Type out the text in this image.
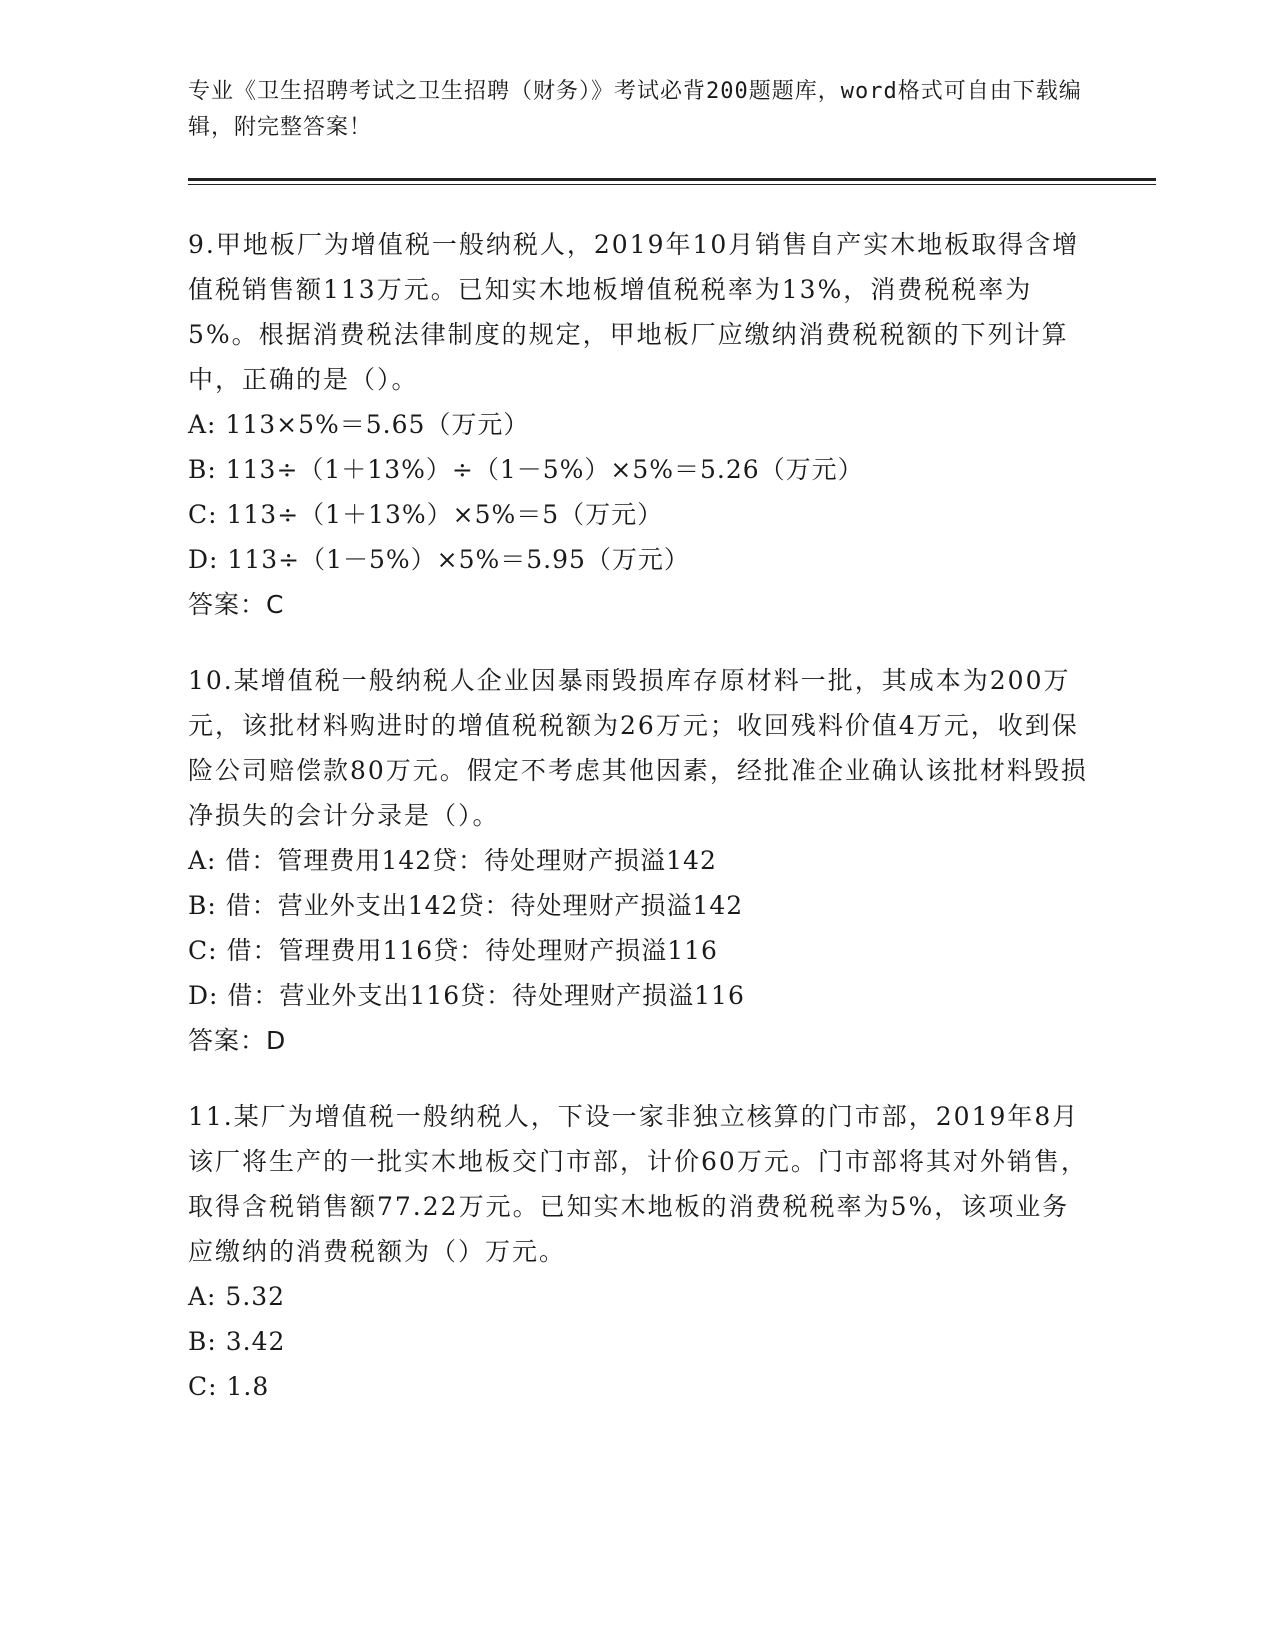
专业《卫生招聘考试之卫生招聘（财务）》考试必背200题题库，word格式可自由下载编辑，附完整答案！
9.甲地板厂为增值税一般纳税人，2019年10月销售自产实木地板取得含增值税销售额113万元。已知实木地板增值税税率为13%，消费税税率为5%。根据消费税法律制度的规定，甲地板厂应缴纳消费税税额的下列计算中，正确的是（）。
A: 113×5%＝5.65（万元）
B: 113÷（1＋13%）÷（1－5%）×5%＝5.26（万元）
C: 113÷（1＋13%）×5%＝5（万元）
D: 113÷（1－5%）×5%＝5.95（万元）
答案：C
10.某增值税一般纳税人企业因暴雨毁损库存原材料一批，其成本为200万元，该批材料购进时的增值税税额为26万元；收回残料价值4万元，收到保险公司赔偿款80万元。假定不考虑其他因素，经批准企业确认该批材料毁损净损失的会计分录是（）。
A: 借：管理费用142贷：待处理财产损溢142
B: 借：营业外支出142贷：待处理财产损溢142
C: 借：管理费用116贷：待处理财产损溢116
D: 借：营业外支出116贷：待处理财产损溢116
答案：D
11.某厂为增值税一般纳税人，下设一家非独立核算的门市部，2019年8月该厂将生产的一批实木地板交门市部，计价60万元。门市部将其对外销售，取得含税销售额77.22万元。已知实木地板的消费税税率为5%，该项业务应缴纳的消费税额为（）万元。
A: 5.32
B: 3.42
C: 1.8
